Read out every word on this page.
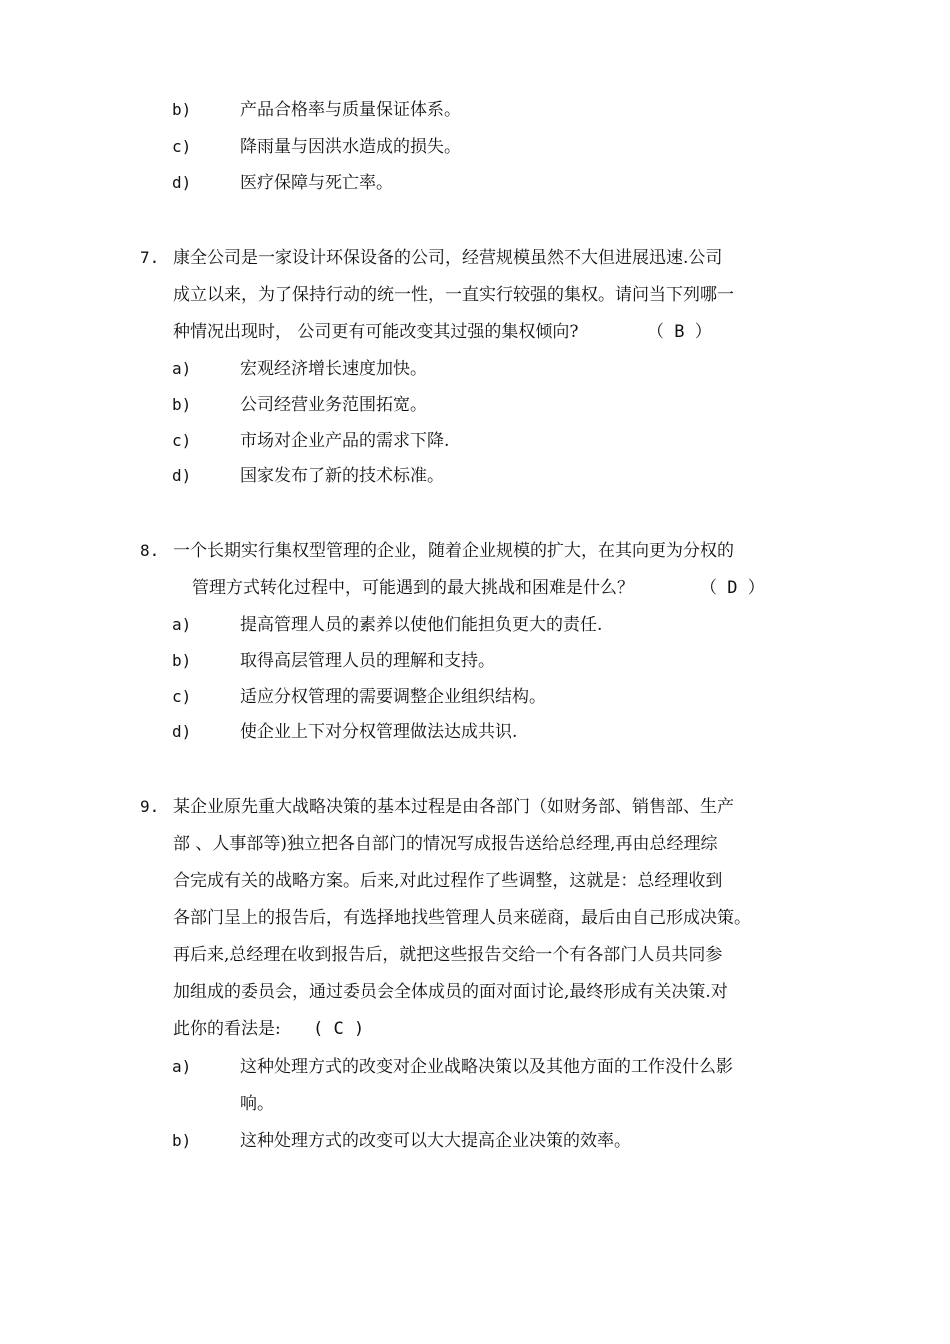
b)	产品合格率与质量保证体系。
c)	降雨量与因洪水造成的损失。
d)	医疗保障与死亡率。
7. 康全公司是一家设计环保设备的公司，经营规模虽然不大但进展迅速.公司
成立以来，为了保持行动的统一性，一直实行较强的集权。请问当下列哪一
种情况出现时， 公司更有可能改变其过强的集权倾向?	（ B ）
a)	宏观经济增长速度加快。
b)	公司经营业务范围拓宽。
c)	市场对企业产品的需求下降.
d)	国家发布了新的技术标准。
8. 一个长期实行集权型管理的企业，随着企业规模的扩大，在其向更为分权的
管理方式转化过程中，可能遇到的最大挑战和困难是什么？	（ D ）
a)	提高管理人员的素养以使他们能担负更大的责任.
b)	取得高层管理人员的理解和支持。
c)	适应分权管理的需要调整企业组织结构。
d)	使企业上下对分权管理做法达成共识.
9. 某企业原先重大战略决策的基本过程是由各部门（如财务部、销售部、生产
部 、人事部等)独立把各自部门的情况写成报告送给总经理,再由总经理综
合完成有关的战略方案。后来,对此过程作了些调整，这就是：总经理收到
各部门呈上的报告后，有选择地找些管理人员来磋商，最后由自己形成决策。
再后来,总经理在收到报告后，就把这些报告交给一个有各部门人员共同参
加组成的委员会，通过委员会全体成员的面对面讨论,最终形成有关决策.对
此你的看法是: ( C )
a)	这种处理方式的改变对企业战略决策以及其他方面的工作没什么影
响。
b)	这种处理方式的改变可以大大提高企业决策的效率。
